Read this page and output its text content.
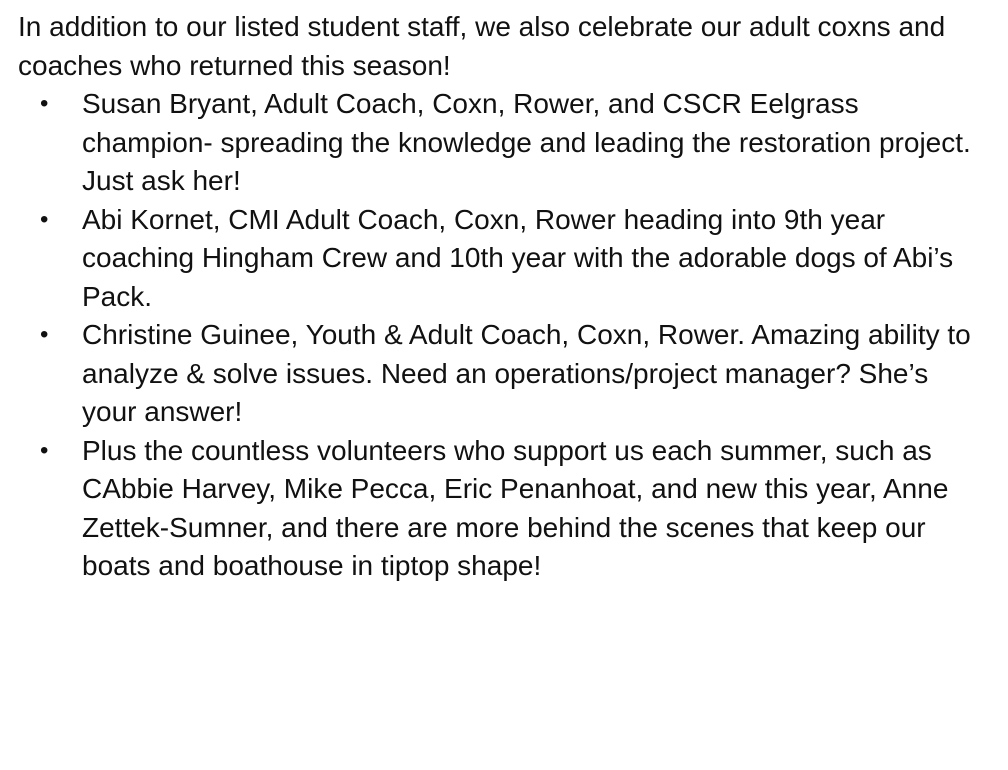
In addition to our listed student staff, we also celebrate our adult coxns and coaches who returned this season!

• Susan Bryant, Adult Coach, Coxn, Rower, and CSCR Eelgrass champion- spreading the knowledge and leading the restoration project. Just ask her!
• Abi Kornet, CMI Adult Coach, Coxn, Rower heading into 9th year coaching Hingham Crew and 10th year with the adorable dogs of Abi’s Pack.
• Christine Guinee, Youth & Adult Coach, Coxn, Rower. Amazing ability to analyze & solve issues. Need an operations/project manager? She’s your answer!
• Plus the countless volunteers who support us each summer, such as CAbbie Harvey, Mike Pecca, Eric Penanhoat, and new this year, Anne Zettek-Sumner, and there are more behind the scenes that keep our boats and boathouse in tiptop shape!
